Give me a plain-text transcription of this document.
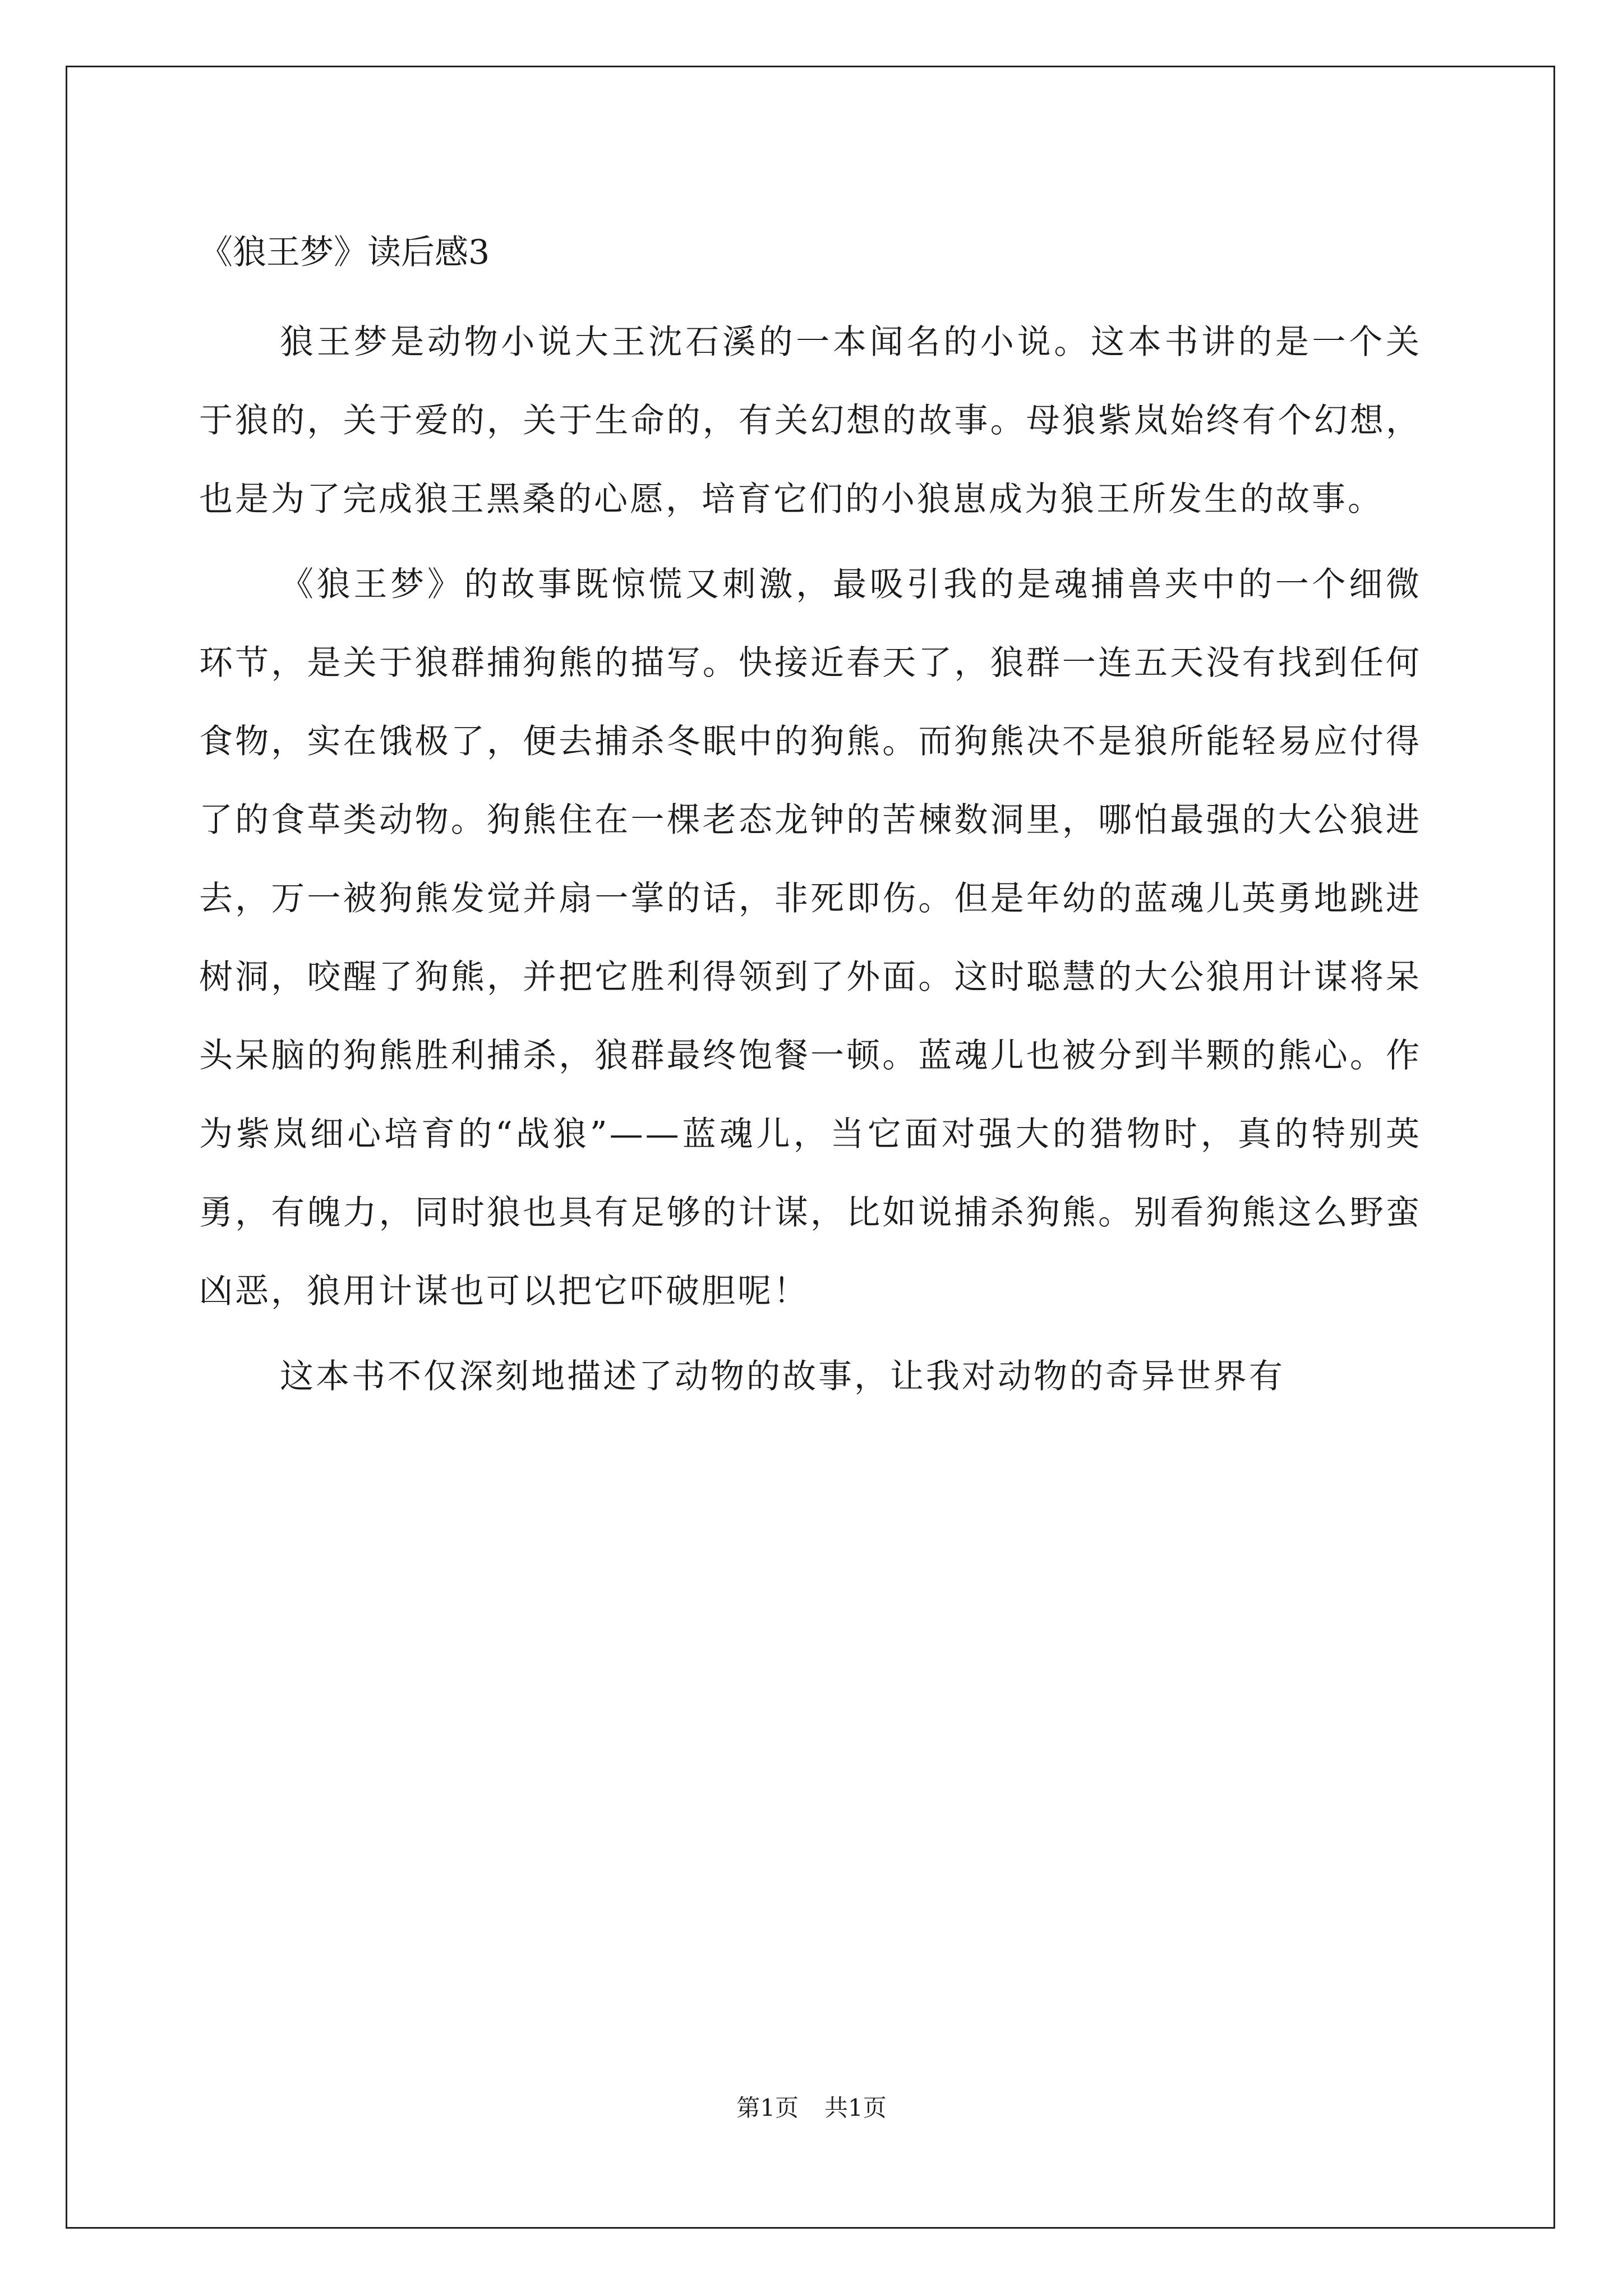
《狼王梦》读后感3

狼王梦是动物小说大王沈石溪的一本闻名的小说。这本书讲的是一个关于狼的，关于爱的，关于生命的，有关幻想的故事。母狼紫岚始终有个幻想，也是为了完成狼王黑桑的心愿，培育它们的小狼崽成为狼王所发生的故事。

《狼王梦》的故事既惊慌又刺激，最吸引我的是魂捕兽夹中的一个细微环节，是关于狼群捕狗熊的描写。快接近春天了，狼群一连五天没有找到任何食物，实在饿极了，便去捕杀冬眠中的狗熊。而狗熊决不是狼所能轻易应付得了的食草类动物。狗熊住在一棵老态龙钟的苦楝数洞里，哪怕最强的大公狼进去，万一被狗熊发觉并扇一掌的话，非死即伤。但是年幼的蓝魂儿英勇地跳进树洞，咬醒了狗熊，并把它胜利得领到了外面。这时聪慧的大公狼用计谋将呆头呆脑的狗熊胜利捕杀，狼群最终饱餐一顿。蓝魂儿也被分到半颗的熊心。作为紫岚细心培育的“战狼”——蓝魂儿，当它面对强大的猎物时，真的特别英勇，有魄力，同时狼也具有足够的计谋，比如说捕杀狗熊。别看狗熊这么野蛮凶恶，狼用计谋也可以把它吓破胆呢！

这本书不仅深刻地描述了动物的故事，让我对动物的奇异世界有

第1页 共1页
